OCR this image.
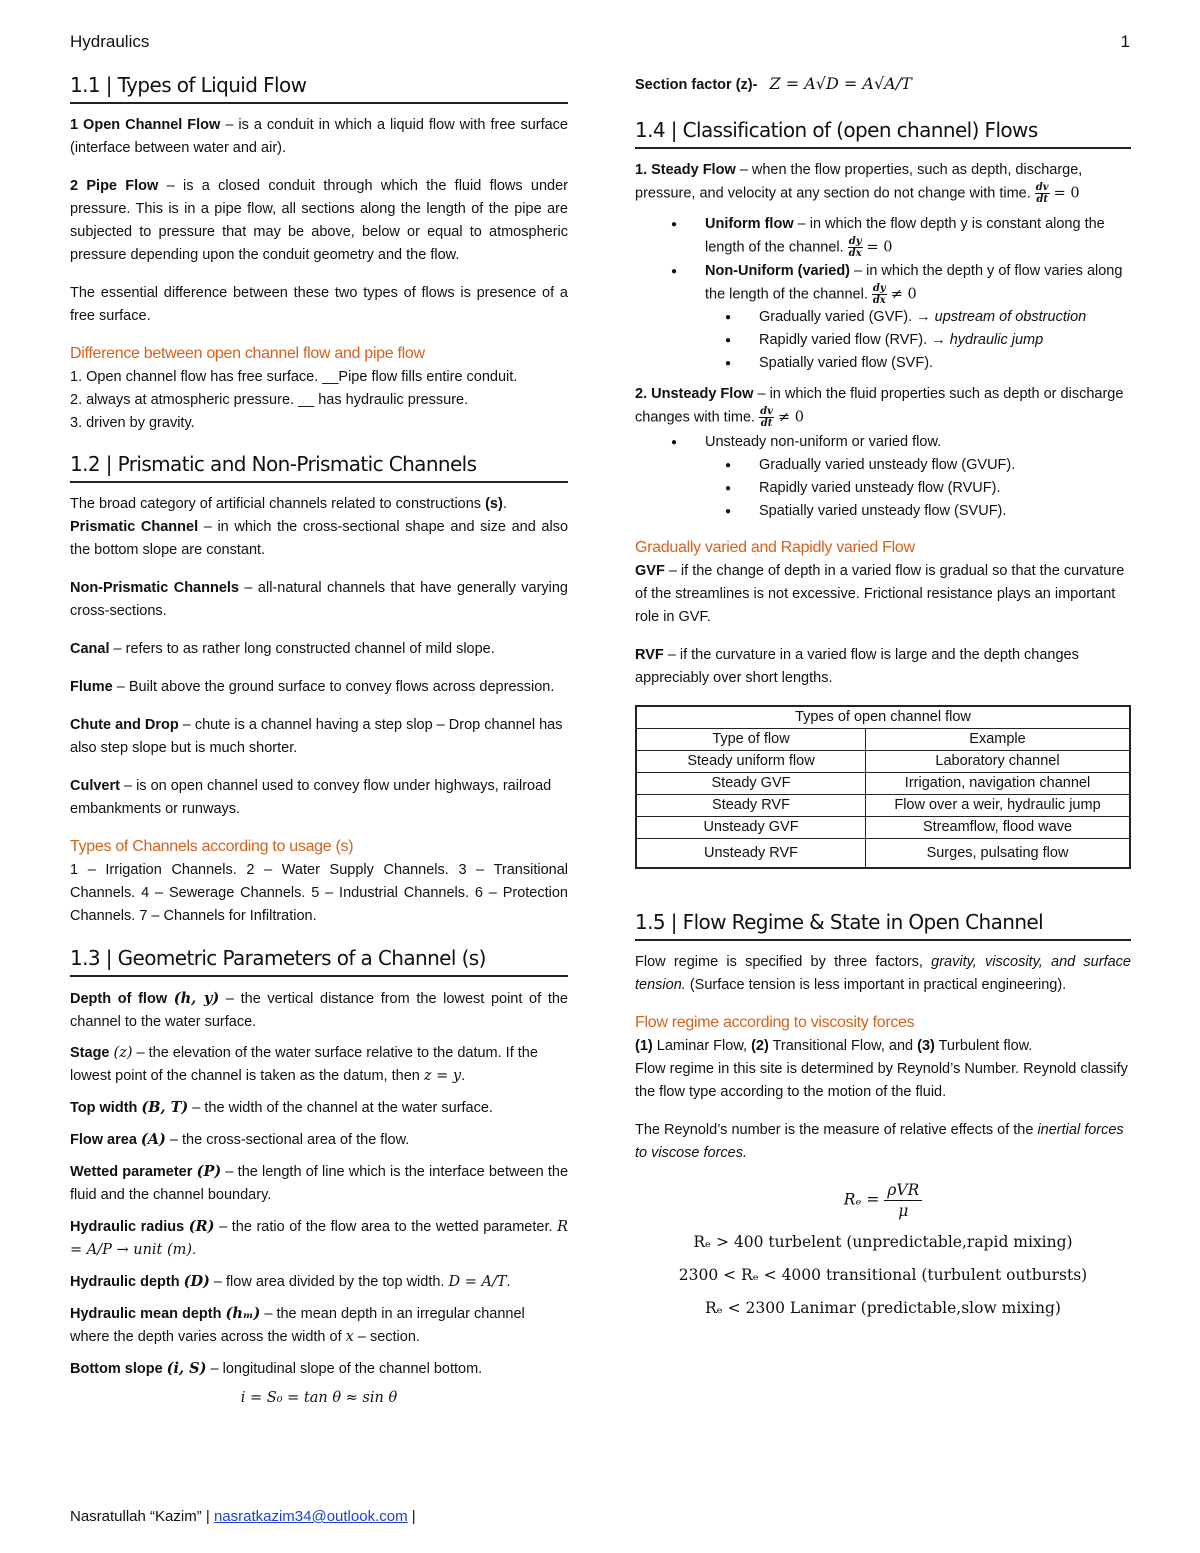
Hydraulics	1
1.1 | Types of Liquid Flow

1 Open Channel Flow – is a conduit in which a liquid flow with free surface (interface between water and air).

2 Pipe Flow – is a closed conduit through which the fluid flows under pressure. This is in a pipe flow, all sections along the length of the pipe are subjected to pressure that may be above, below or equal to atmospheric pressure depending upon the conduit geometry and the flow.

The essential difference between these two types of flows is presence of a free surface.

Difference between open channel flow and pipe flow
1. Open channel flow has free surface. __Pipe flow fills entire conduit.
2. always at atmospheric pressure. __ has hydraulic pressure.
3. driven by gravity.
1.2 | Prismatic and Non-Prismatic Channels

The broad category of artificial channels related to constructions (s).

Prismatic Channel – in which the cross-sectional shape and size and also the bottom slope are constant.

Non-Prismatic Channels – all-natural channels that have generally varying cross-sections.

Canal – refers to as rather long constructed channel of mild slope.

Flume – Built above the ground surface to convey flows across depression.

Chute and Drop – chute is a channel having a step slop – Drop channel has also step slope but is much shorter.

Culvert – is on open channel used to convey flow under highways, railroad embankments or runways.

Types of Channels according to usage (s)

1 – Irrigation Channels. 2 – Water Supply Channels. 3 – Transitional Channels. 4 – Sewerage Channels. 5 – Industrial Channels. 6 – Protection Channels. 7 – Channels for Infiltration.

1.3 | Geometric Parameters of a Channel (s)

Depth of flow (h, y) – the vertical distance from the lowest point of the channel to the water surface.

Stage (z) – the elevation of the water surface relative to the datum. If the lowest point of the channel is taken as the datum, then z = y.

Top width (B, T) – the width of the channel at the water surface.

Flow area (A) – the cross-sectional area of the flow.

Wetted parameter (P) – the length of line which is the interface between the fluid and the channel boundary.

Hydraulic radius (R) – the ratio of the flow area to the wetted parameter. R = A/P → unit (m).

Hydraulic depth (D) – flow area divided by the top width. D = A/T.

Hydraulic mean depth (hₘ) – the mean depth in an irregular channel where the depth varies across the width of x – section.

Bottom slope (i, S) – longitudinal slope of the channel bottom.

i = S₀ = tan θ ≈ sin θ

Section factor (z)- Z = A√D = A√A/T

1.4 | Classification of (open channel) Flows

1. Steady Flow – when the flow properties, such as depth, discharge, pressure, and velocity at any section do not change with time. $\frac{dv}{dt} = 0$

● Uniform flow – in which the flow depth y is constant along the length of the channel. $\frac{dy}{dx} = 0$
● Non-Uniform (varied) – in which the depth y of flow varies along the length of the channel. $\frac{dy}{dx} \ne 0$
● Gradually varied (GVF). → upstream of obstruction
● Rapidly varied flow (RVF). → hydraulic jump
● Spatially varied flow (SVF).

2. Unsteady Flow – in which the fluid properties such as depth or discharge changes with time. $\frac{dv}{dt} \ne 0$

● Unsteady non-uniform or varied flow.
● Gradually varied unsteady flow (GVUF).
● Rapidly varied unsteady flow (RVUF).
● Spatially varied unsteady flow (SVUF).
Gradually varied and Rapidly varied Flow

GVF – if the change of depth in a varied flow is gradual so that the curvature of the streamlines is not excessive. Frictional resistance plays an important role in GVF.

RVF – if the curvature in a varied flow is large and the depth changes appreciably over short lengths.

Types of open channel flow	
Type of flow	Example
Steady uniform flow	Laboratory channel
Steady GVF	Irrigation, navigation channel
Steady RVF	Flow over a weir, hydraulic jump
Unsteady GVF	Streamflow, flood wave
Unsteady RVF	Surges, pulsating flow
1.5 | Flow Regime & State in Open Channel

Flow regime is specified by three factors, gravity, viscosity, and surface tension. (Surface tension is less important in practical engineering).

Flow regime according to viscosity forces

(1) Laminar Flow, (2) Transitional Flow, and (3) Turbulent flow.

Flow regime in this site is determined by Reynold’s Number. Reynold classify the flow type according to the motion of the fluid.

The Reynold’s number is the measure of relative effects of the inertial forces to viscose forces.

Rₑ =
ρVR
μ
Rₑ > 400 turbelent (unpredictable,rapid mixing)
2300 < Rₑ < 4000 transitional (turbulent outbursts)
Rₑ < 2300 Lanimar (predictable,slow mixing)
Nasratullah “Kazim” | nasratkazim34@outlook.com |
